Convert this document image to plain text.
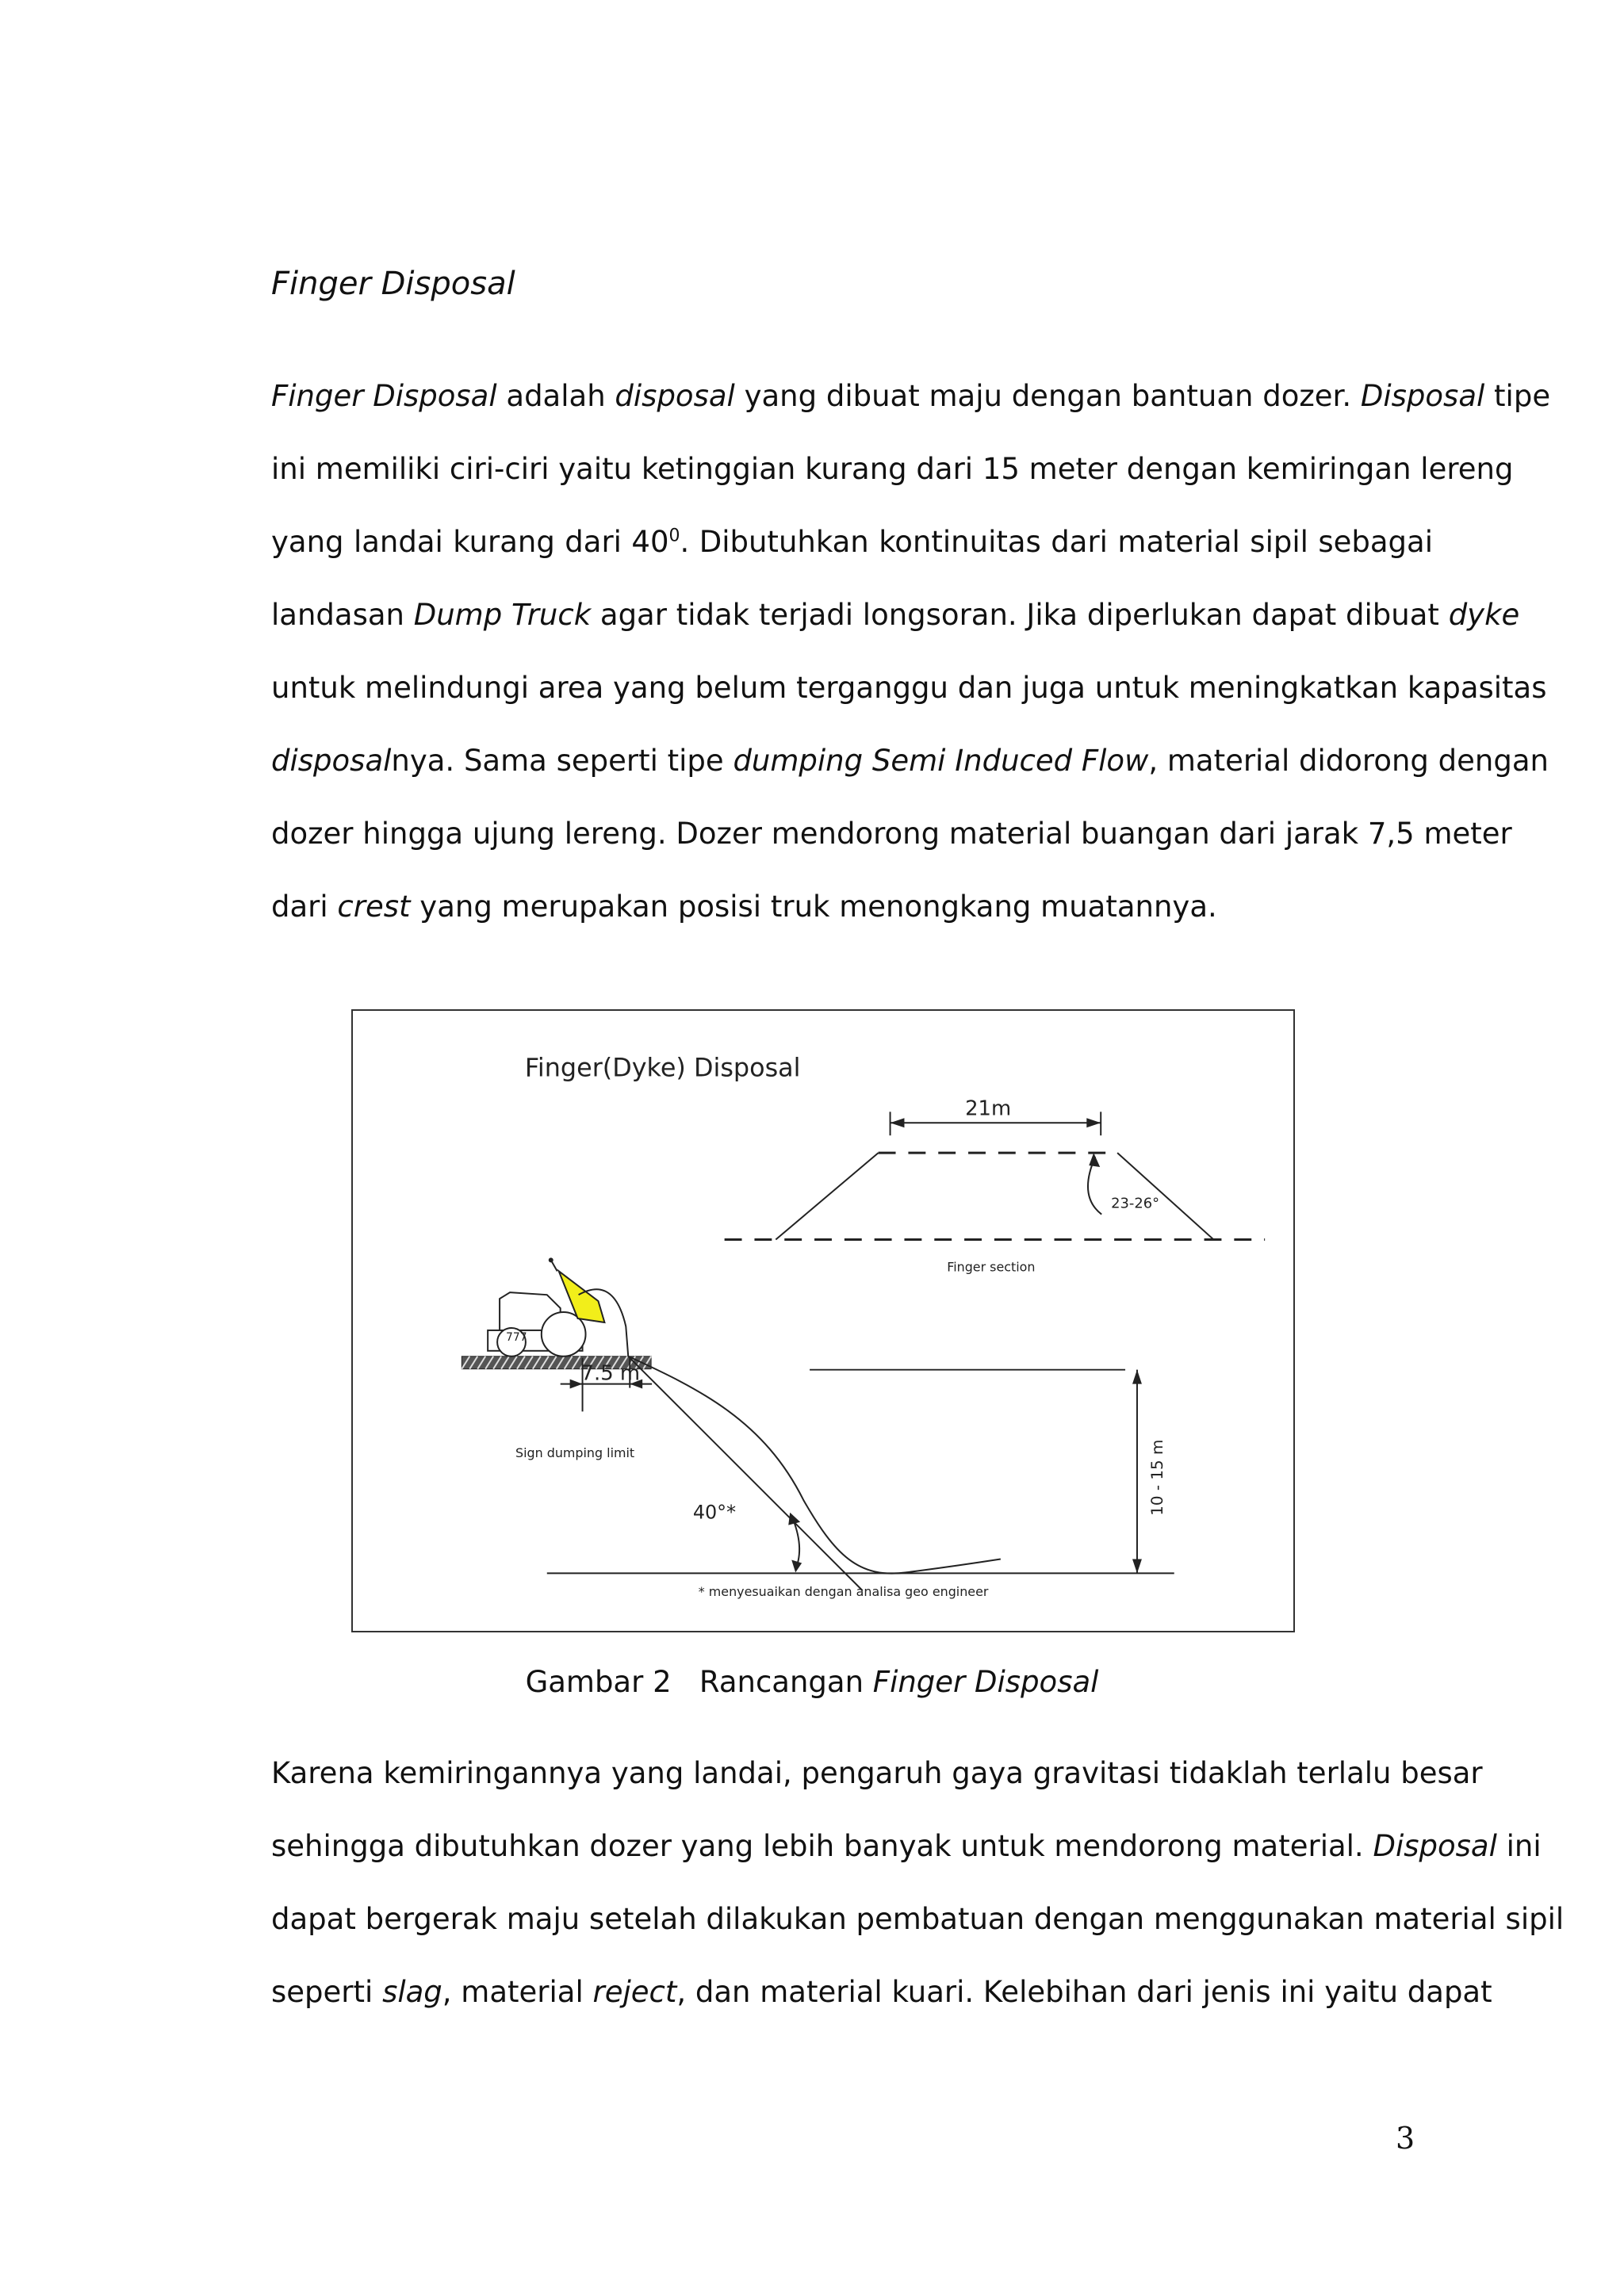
Finger Disposal
Finger Disposal adalah disposal yang dibuat maju dengan bantuan dozer. Disposal tipe
ini memiliki ciri-ciri yaitu ketinggian kurang dari 15 meter dengan kemiringan lereng
yang landai kurang dari $40^0$. Dibutuhkan kontinuitas dari material sipil sebagai
landasan Dump Truck agar tidak terjadi longsoran. Jika diperlukan dapat dibuat dyke
untuk melindungi area yang belum terganggu dan juga untuk meningkatkan kapasitas
disposalnya. Sama seperti tipe dumping Semi Induced Flow, material didorong dengan
dozer hingga ujung lereng. Dozer mendorong material buangan dari jarak 7,5 meter
dari crest yang merupakan posisi truk menongkang muatannya.
Finger(Dyke) Disposal
21m
23-26°
Finger section
777
7.5 m
Sign dumping limit	10 - 15 m
40°*
* menyesuaikan dengan analisa geo engineer

Gambar 2 Rancangan Finger Disposal

Karena kemiringannya yang landai, pengaruh gaya gravitasi tidaklah terlalu besar
sehingga dibutuhkan dozer yang lebih banyak untuk mendorong material. Disposal ini
dapat bergerak maju setelah dilakukan pembatuan dengan menggunakan material sipil
seperti slag, material reject, dan material kuari. Kelebihan dari jenis ini yaitu dapat
3
